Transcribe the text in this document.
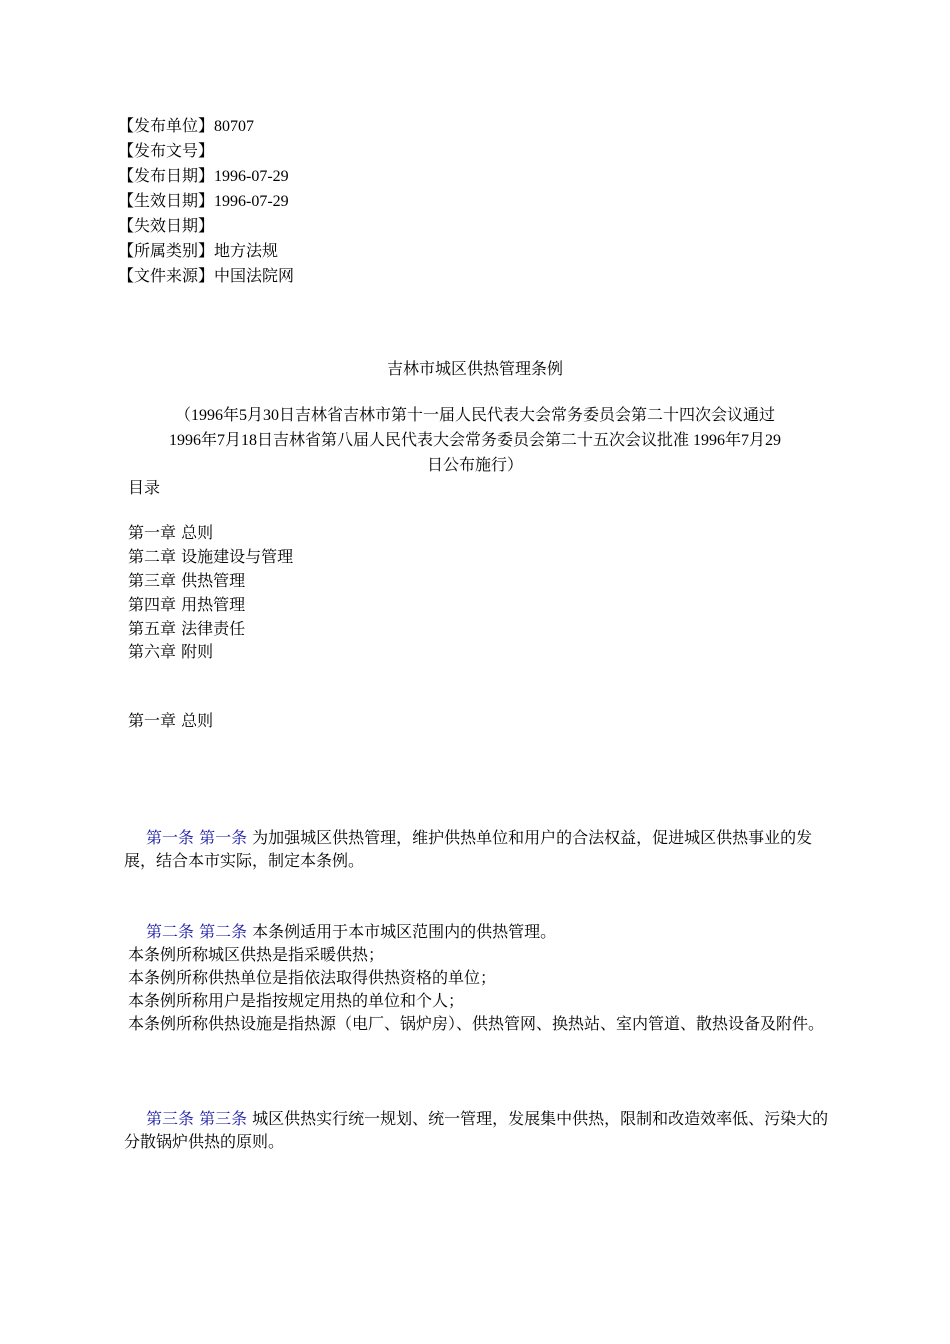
【发布单位】80707
【发布文号】
【发布日期】1996-07-29
【生效日期】1996-07-29
【失效日期】
【所属类别】地方法规
【文件来源】中国法院网
吉林市城区供热管理条例
（1996年5月30日吉林省吉林市第十一届人民代表大会常务委员会第二十四次会议通过
1996年7月18日吉林省第八届人民代表大会常务委员会第二十五次会议批准 1996年7月29
日公布施行）
目录
第一章 总则
第二章 设施建设与管理
第三章 供热管理
第四章 用热管理
第五章 法律责任
第六章 附则
第一章 总则
第一条 第一条 为加强城区供热管理，维护供热单位和用户的合法权益，促进城区供热事业的发展，结合本市实际，制定本条例。
第二条 第二条 本条例适用于本市城区范围内的供热管理。
本条例所称城区供热是指采暖供热；
本条例所称供热单位是指依法取得供热资格的单位；
本条例所称用户是指按规定用热的单位和个人；
本条例所称供热设施是指热源（电厂、锅炉房）、供热管网、换热站、室内管道、散热设备及附件。
第三条 第三条 城区供热实行统一规划、统一管理，发展集中供热，限制和改造效率低、污染大的分散锅炉供热的原则。
